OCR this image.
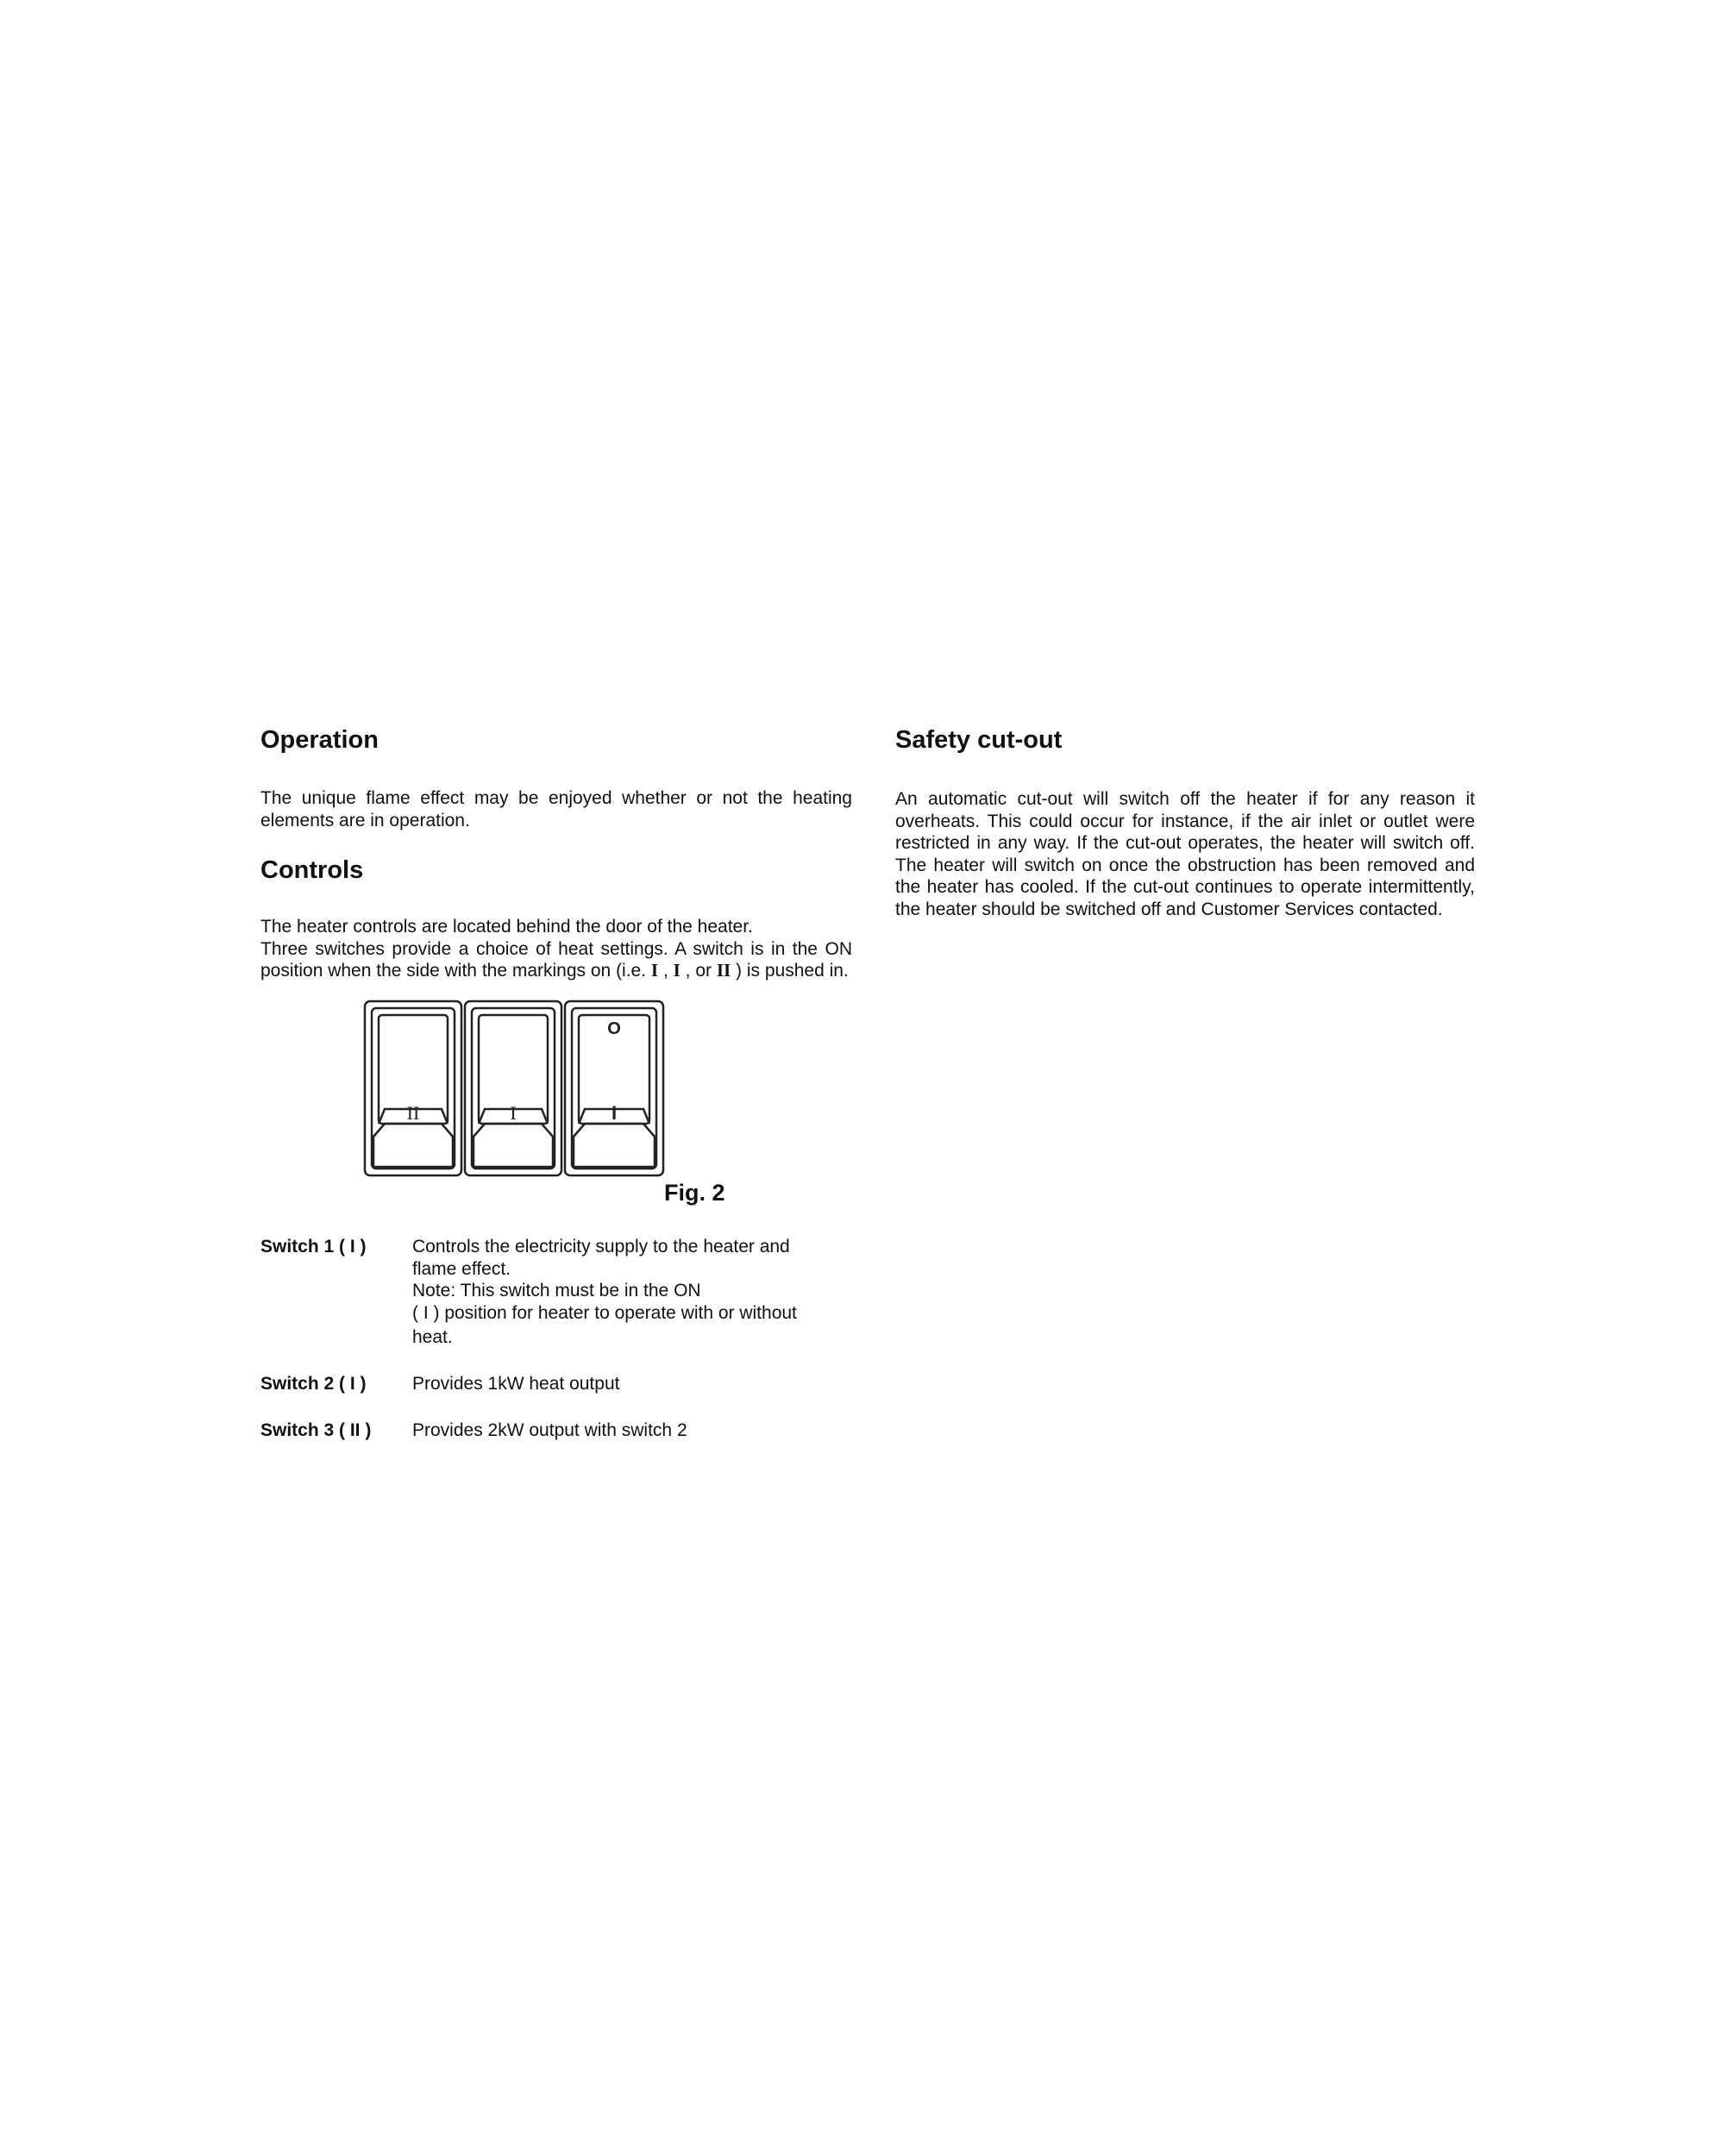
Operation

The unique flame effect may be enjoyed whether or not the heating elements are in operation.

Controls

The heater controls are located behind the door of the heater.
Three switches provide a choice of heat settings. A switch is in the ON position when the side with the markings on (i.e. I , I , or II ) is pushed in.

II	I	I
O
Fig. 2
Switch 1 ( I )	Controls the electricity supply to the heater and
flame effect.
Note: This switch must be in the ON
( I ) position for heater to operate with or without
heat.
Switch 2 ( I )	Provides 1kW heat output
Switch 3 ( II ) Provides 2kW output with switch 2
Safety cut-out

An automatic cut-out will switch off the heater if for any reason it overheats. This could occur for instance, if the air inlet or outlet were restricted in any way. If the cut-out operates, the heater will switch off. The heater will switch on once the obstruction has been removed and the heater has cooled. If the cut-out continues to operate intermittently, the heater should be switched off and Customer Services contacted.
